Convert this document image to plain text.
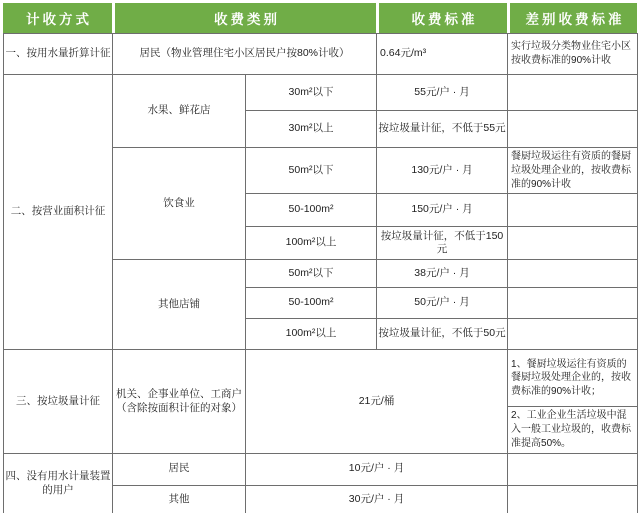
计收方式	收费类别	收费标准	差别收费标准
一、按用水量折算计征	居民（物业管理住宅小区居民户按80%计收）		0.64元/m³	实行垃圾分类物业住宅小区按收费标准的90%计收
二、按营业面积计征	水果、鲜花店	30m²以下	55元/户 · 月	
		30m²以上	按垃圾量计征，不低于55元	
	饮食业	50m²以下	130元/户 · 月	餐厨垃圾运往有资质的餐厨垃圾处理企业的，按收费标准的90%计收
		50-100m²	150元/户 · 月	
		100m²以上	按垃圾量计征，不低于150元	
	其他店铺	50m²以下	38元/户 · 月	
		50-100m²	50元/户 · 月	
		100m²以上	按垃圾量计征，不低于50元	
三、按垃圾量计征	机关、企事业单位、工商户（含除按面积计征的对象）	21元/桶		1、餐厨垃圾运往有资质的餐厨垃圾处理企业的，按收费标准的90%计收；
				2、工业企业生活垃圾中混入一般工业垃圾的，收费标准提高50%。
四、没有用水计量装置的用户	居民	10元/户 · 月		
	其他	30元/户 · 月		
